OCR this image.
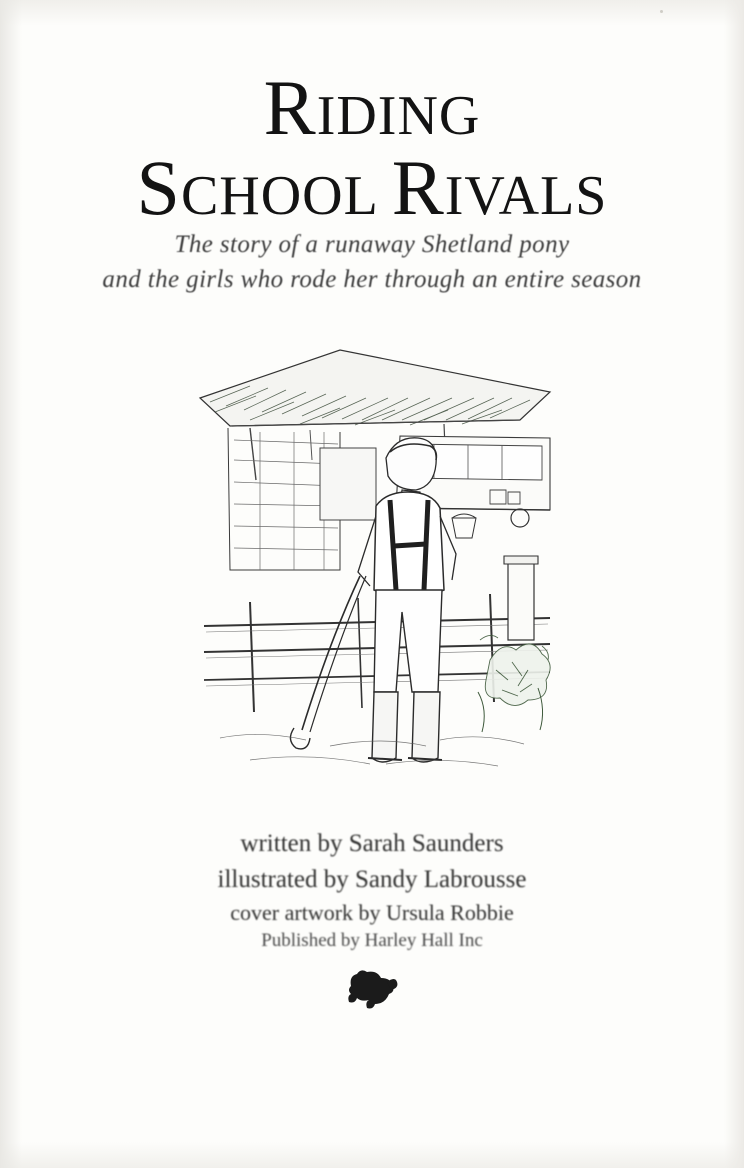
RIDING
SCHOOL RIVALS
The story of a runaway Shetland pony
and the girls who rode her through an entire season
written by Sarah Saunders
illustrated by Sandy Labrousse
cover artwork by Ursula Robbie
Published by Harley Hall Inc
